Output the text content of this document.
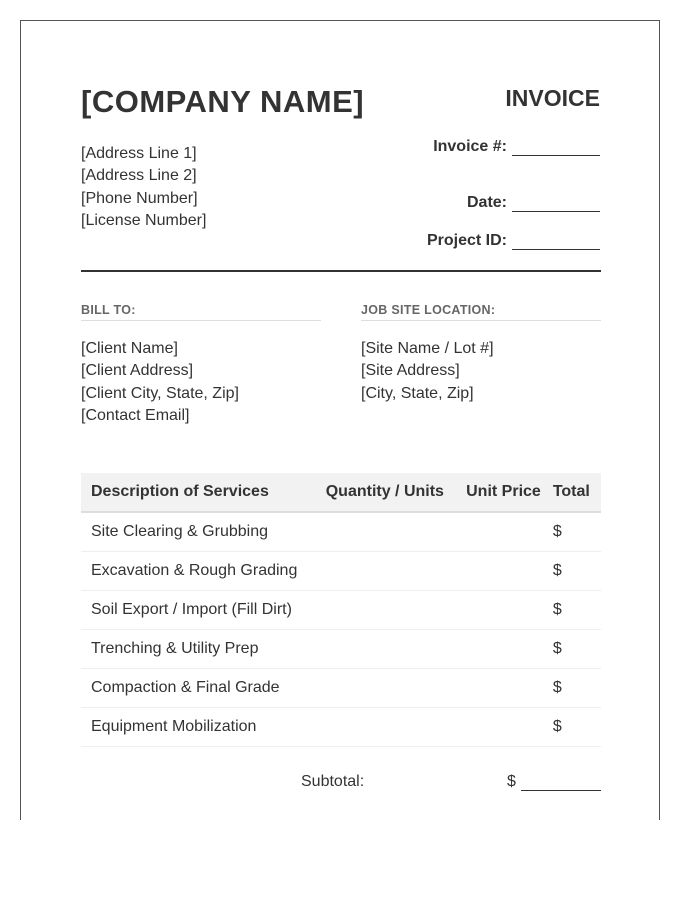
[COMPANY NAME]	INVOICE
[Address Line 1]
[Address Line 2]
[Phone Number]
[License Number]
Invoice #:
Date:
Project ID:
BILL TO:	JOB SITE LOCATION:
[Client Name]
[Client Address]
[Client City, State, Zip]
[Contact Email]
[Site Name / Lot #]
[Site Address]
[City, State, Zip]
Description of Services	Quantity / Units	Unit Price	Total
Site Clearing & Grubbing			$
Excavation & Rough Grading			$
Soil Export / Import (Fill Dirt)			$
Trenching & Utility Prep			$
Compaction & Final Grade			$
Equipment Mobilization			$
Subtotal:	$
